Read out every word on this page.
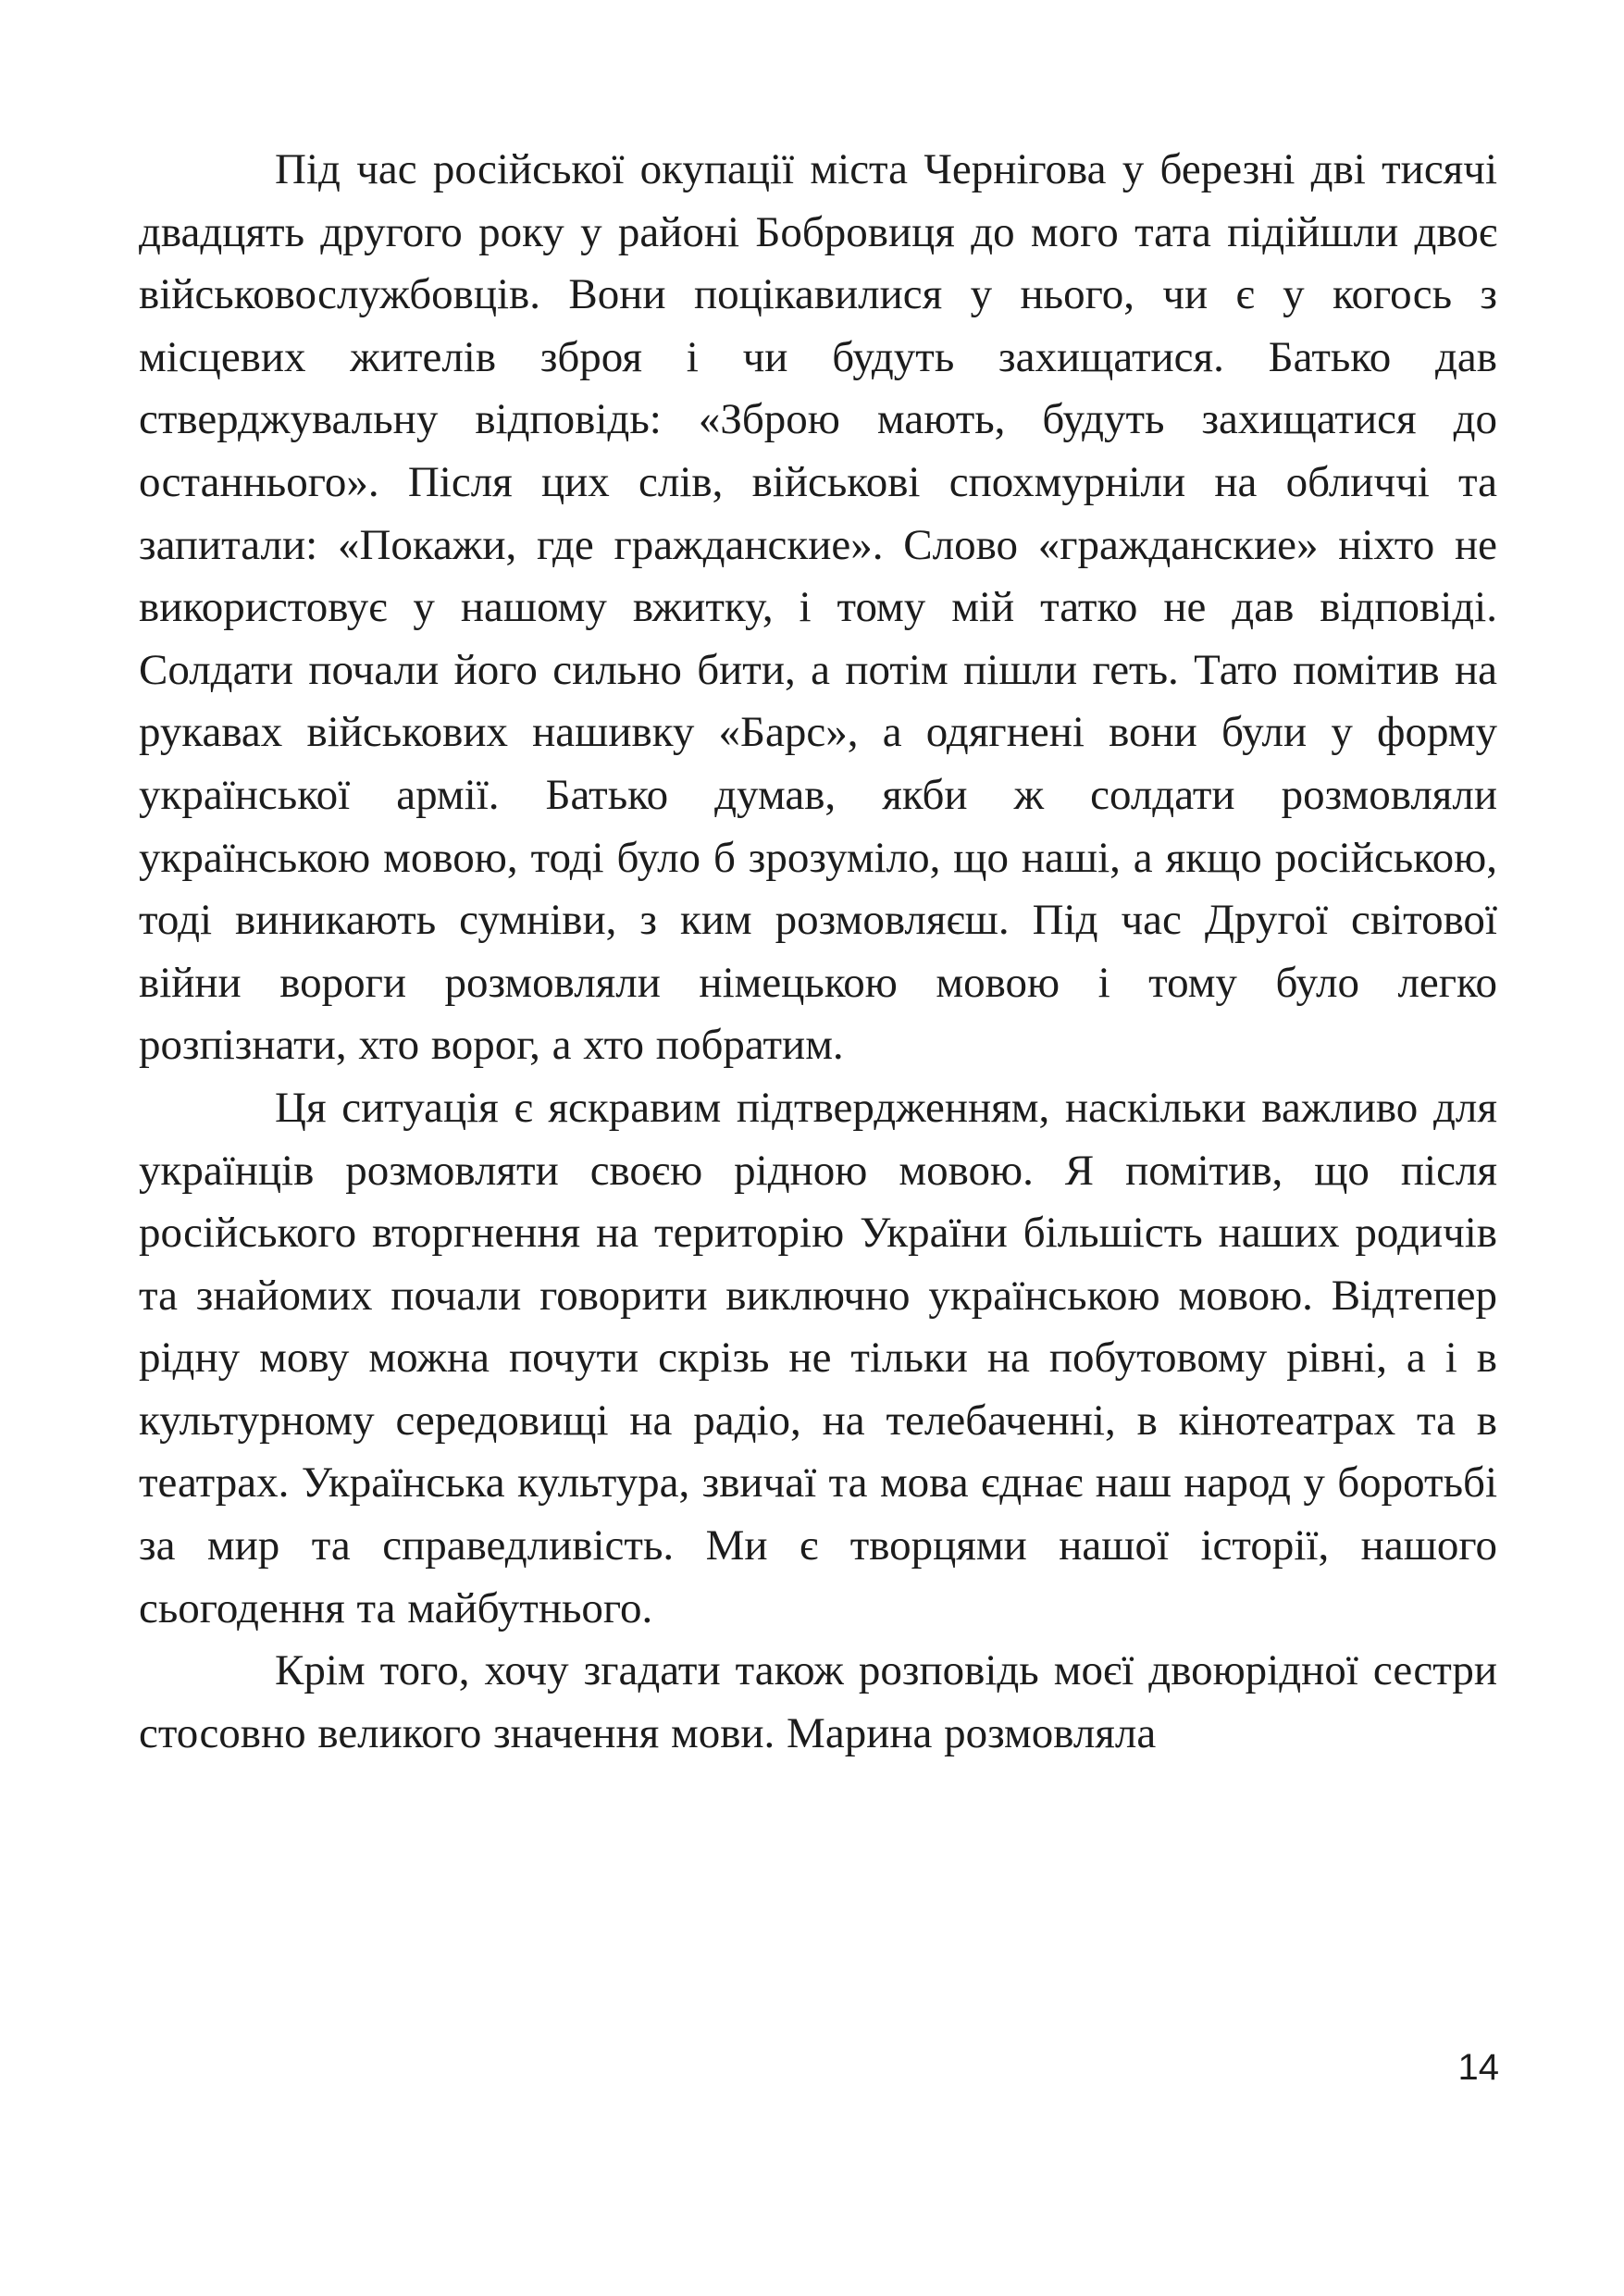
Під час російської окупації міста Чернігова у березні дві тисячі двадцять другого року у районі Бобровиця до мого тата підійшли двоє військовослужбовців. Вони поцікавилися у нього, чи є у когось з місцевих жителів зброя і чи будуть захищатися. Батько дав стверджувальну відповідь: «Зброю мають, будуть захищатися до останнього». Після цих слів, військові спохмурніли на обличчі та запитали: «Покажи, где гражданские». Слово «гражданские» ніхто не використовує у нашому вжитку, і тому мій татко не дав відповіді. Солдати почали його сильно бити, а потім пішли геть. Тато помітив на рукавах військових нашивку «Барс», а одягнені вони були у форму української армії. Батько думав, якби ж солдати розмовляли українською мовою, тоді було б зрозуміло, що наші, а якщо російською, тоді виникають сумніви, з ким розмовляєш. Під час Другої світової війни вороги розмовляли німецькою мовою і тому було легко розпізнати, хто ворог, а хто побратим.

Ця ситуація є яскравим підтвердженням, наскільки важливо для українців розмовляти своєю рідною мовою. Я помітив, що після російського вторгнення на територію України більшість наших родичів та знайомих почали говорити виключно українською мовою. Відтепер рідну мову можна почути скрізь не тільки на побутовому рівні, а і в культурному середовищі на радіо, на телебаченні, в кінотеатрах та в театрах. Українська культура, звичаї та мова єднає наш народ у боротьбі за мир та справедливість. Ми є творцями нашої історії, нашого сьогодення та майбутнього.

Крім того, хочу згадати також розповідь моєї двоюрідної сестри стосовно великого значення мови. Марина розмовляла

14
